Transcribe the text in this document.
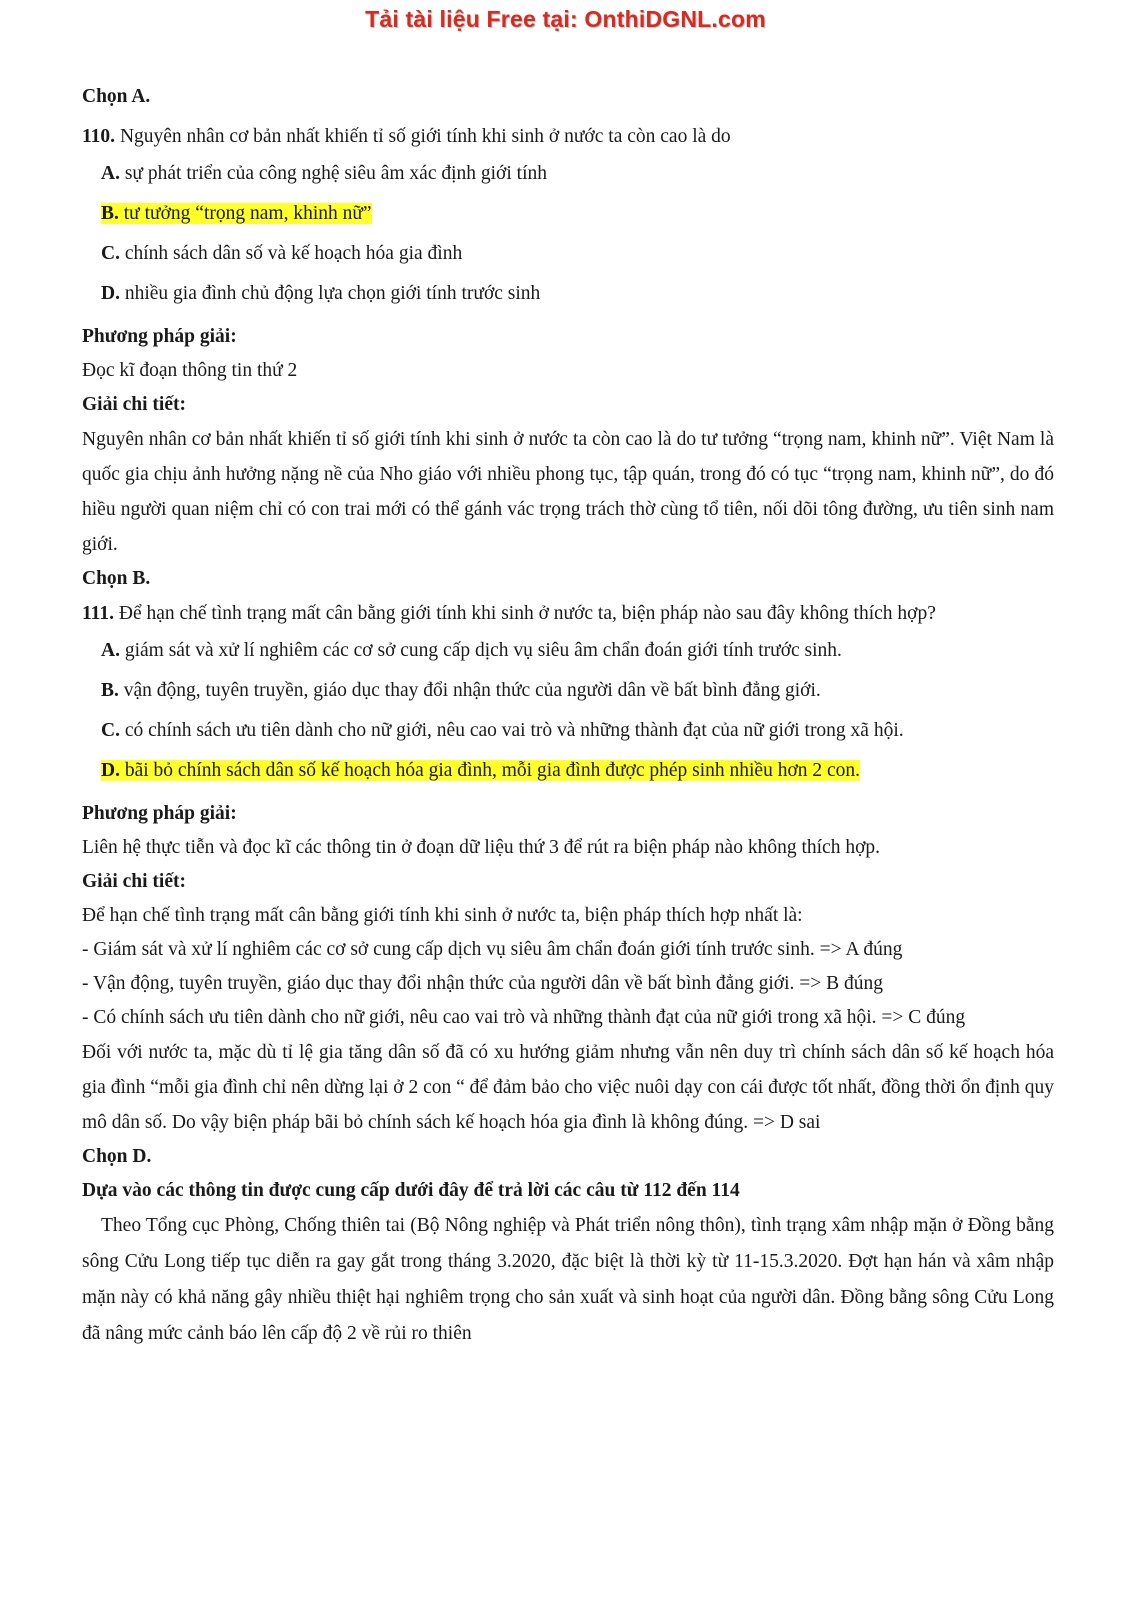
Tải tài liệu Free tại: OnthiDGNL.com

Chọn A.

110. Nguyên nhân cơ bản nhất khiến tỉ số giới tính khi sinh ở nước ta còn cao là do

A. sự phát triển của công nghệ siêu âm xác định giới tính

B. tư tưởng “trọng nam, khinh nữ”

C. chính sách dân số và kế hoạch hóa gia đình

D. nhiều gia đình chủ động lựa chọn giới tính trước sinh

Phương pháp giải:

Đọc kĩ đoạn thông tin thứ 2

Giải chi tiết:

Nguyên nhân cơ bản nhất khiến tỉ số giới tính khi sinh ở nước ta còn cao là do tư tưởng “trọng nam, khinh nữ”. Việt Nam là quốc gia chịu ảnh hưởng nặng nề của Nho giáo với nhiều phong tục, tập quán, trong đó có tục “trọng nam, khinh nữ”, do đó hiều người quan niệm chỉ có con trai mới có thể gánh vác trọng trách thờ cùng tổ tiên, nối dõi tông đường, ưu tiên sinh nam giới.

Chọn B.

111. Để hạn chế tình trạng mất cân bằng giới tính khi sinh ở nước ta, biện pháp nào sau đây không thích hợp?

A. giám sát và xử lí nghiêm các cơ sở cung cấp dịch vụ siêu âm chẩn đoán giới tính trước sinh.

B. vận động, tuyên truyền, giáo dục thay đổi nhận thức của người dân về bất bình đẳng giới.

C. có chính sách ưu tiên dành cho nữ giới, nêu cao vai trò và những thành đạt của nữ giới trong xã hội.

D. bãi bỏ chính sách dân số kế hoạch hóa gia đình, mỗi gia đình được phép sinh nhiều hơn 2 con.

Phương pháp giải:

Liên hệ thực tiễn và đọc kĩ các thông tin ở đoạn dữ liệu thứ 3 để rút ra biện pháp nào không thích hợp.

Giải chi tiết:

Để hạn chế tình trạng mất cân bằng giới tính khi sinh ở nước ta, biện pháp thích hợp nhất là:

- Giám sát và xử lí nghiêm các cơ sở cung cấp dịch vụ siêu âm chẩn đoán giới tính trước sinh. => A đúng

- Vận động, tuyên truyền, giáo dục thay đổi nhận thức của người dân về bất bình đẳng giới. => B đúng

- Có chính sách ưu tiên dành cho nữ giới, nêu cao vai trò và những thành đạt của nữ giới trong xã hội. => C đúng

Đối với nước ta, mặc dù tỉ lệ gia tăng dân số đã có xu hướng giảm nhưng vẫn nên duy trì chính sách dân số kế hoạch hóa gia đình “mỗi gia đình chỉ nên dừng lại ở 2 con “ để đảm bảo cho việc nuôi dạy con cái được tốt nhất, đồng thời ổn định quy mô dân số. Do vậy biện pháp bãi bỏ chính sách kế hoạch hóa gia đình là không đúng. => D sai

Chọn D.

Dựa vào các thông tin được cung cấp dưới đây để trả lời các câu từ 112 đến 114

Theo Tổng cục Phòng, Chống thiên tai (Bộ Nông nghiệp và Phát triển nông thôn), tình trạng xâm nhập mặn ở Đồng bằng sông Cửu Long tiếp tục diễn ra gay gắt trong tháng 3.2020, đặc biệt là thời kỳ từ 11-15.3.2020. Đợt hạn hán và xâm nhập mặn này có khả năng gây nhiều thiệt hại nghiêm trọng cho sản xuất và sinh hoạt của người dân. Đồng bằng sông Cửu Long đã nâng mức cảnh báo lên cấp độ 2 về rủi ro thiên
